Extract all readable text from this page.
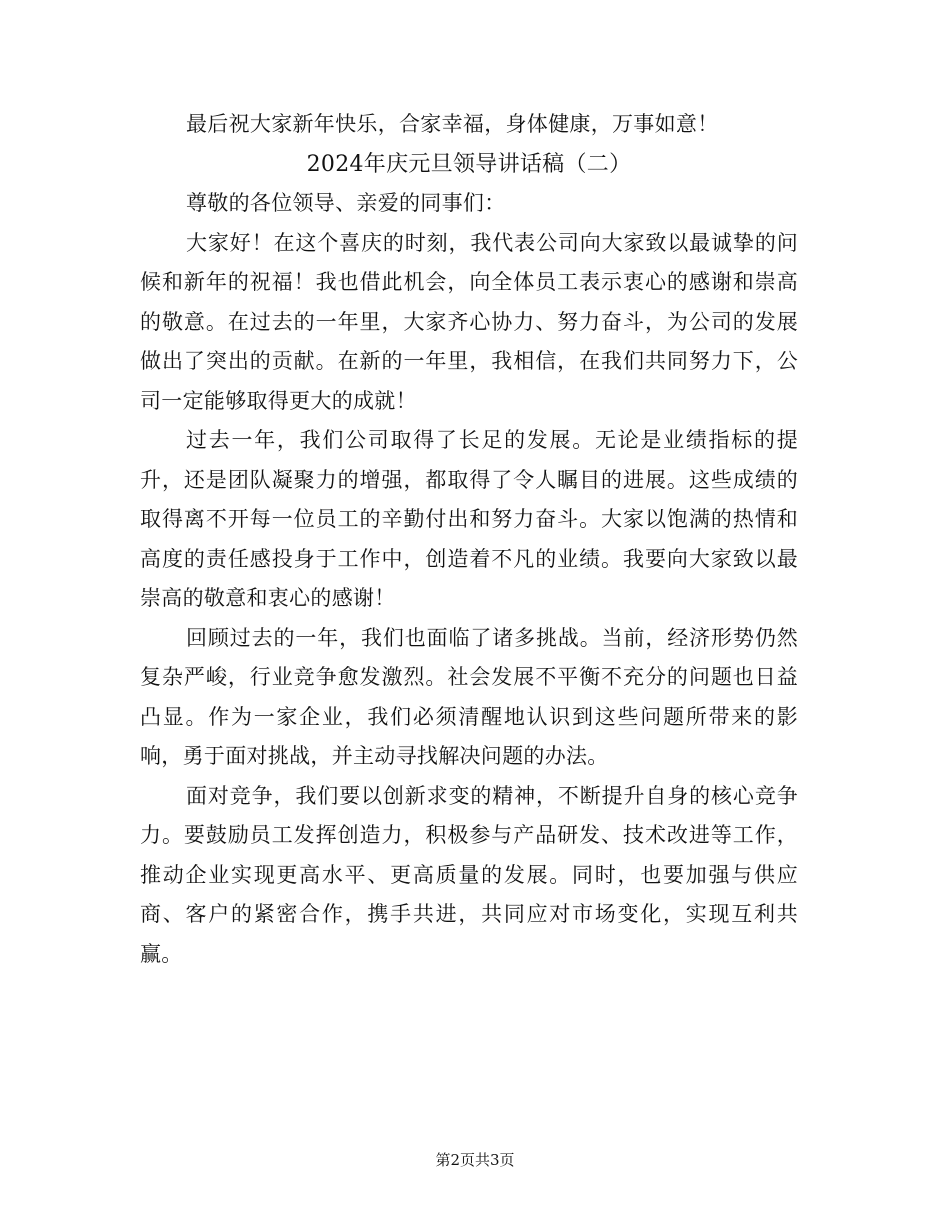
最后祝大家新年快乐，合家幸福，身体健康，万事如意！

2024年庆元旦领导讲话稿（二）

尊敬的各位领导、亲爱的同事们：

大家好！在这个喜庆的时刻，我代表公司向大家致以最诚挚的问候和新年的祝福！我也借此机会，向全体员工表示衷心的感谢和崇高的敬意。在过去的一年里，大家齐心协力、努力奋斗，为公司的发展做出了突出的贡献。在新的一年里，我相信，在我们共同努力下，公司一定能够取得更大的成就！

过去一年，我们公司取得了长足的发展。无论是业绩指标的提升，还是团队凝聚力的增强，都取得了令人瞩目的进展。这些成绩的取得离不开每一位员工的辛勤付出和努力奋斗。大家以饱满的热情和高度的责任感投身于工作中，创造着不凡的业绩。我要向大家致以最崇高的敬意和衷心的感谢！

回顾过去的一年，我们也面临了诸多挑战。当前，经济形势仍然复杂严峻，行业竞争愈发激烈。社会发展不平衡不充分的问题也日益凸显。作为一家企业，我们必须清醒地认识到这些问题所带来的影响，勇于面对挑战，并主动寻找解决问题的办法。

面对竞争，我们要以创新求变的精神，不断提升自身的核心竞争力。要鼓励员工发挥创造力，积极参与产品研发、技术改进等工作，推动企业实现更高水平、更高质量的发展。同时，也要加强与供应商、客户的紧密合作，携手共进，共同应对市场变化，实现互利共赢。

第2页共3页
